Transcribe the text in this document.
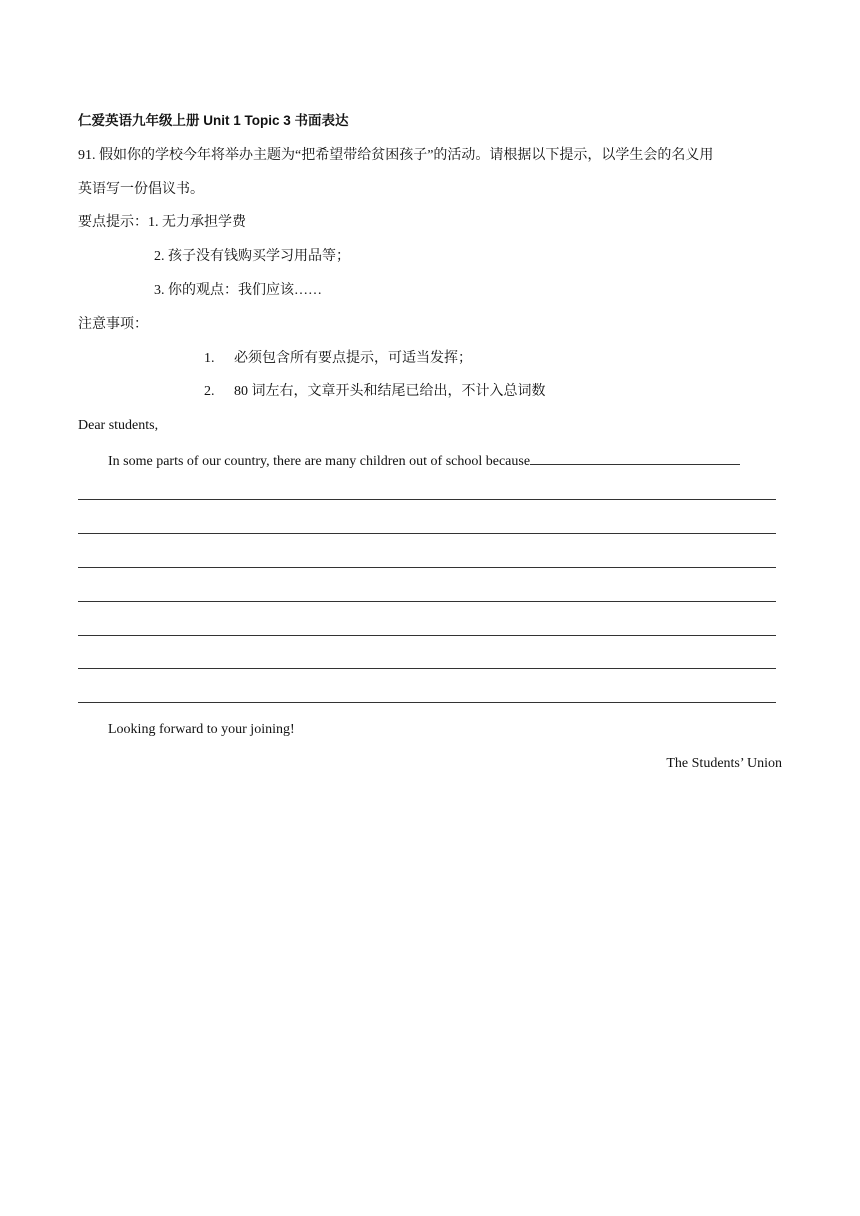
仁爱英语九年级上册 Unit 1 Topic 3 书面表达
91. 假如你的学校今年将举办主题为“把希望带给贫困孩子”的活动。请根据以下提示，以学生会的名义用
英语写一份倡议书。
要点提示：1. 无力承担学费
2. 孩子没有钱购买学习用品等；
3. 你的观点：我们应该……
注意事项：
1. 必须包含所有要点提示，可适当发挥；
2. 80 词左右，文章开头和结尾已给出，不计入总词数
Dear students,
In some parts of our country, there are many children out of school because
Looking forward to your joining!
The Students’ Union
